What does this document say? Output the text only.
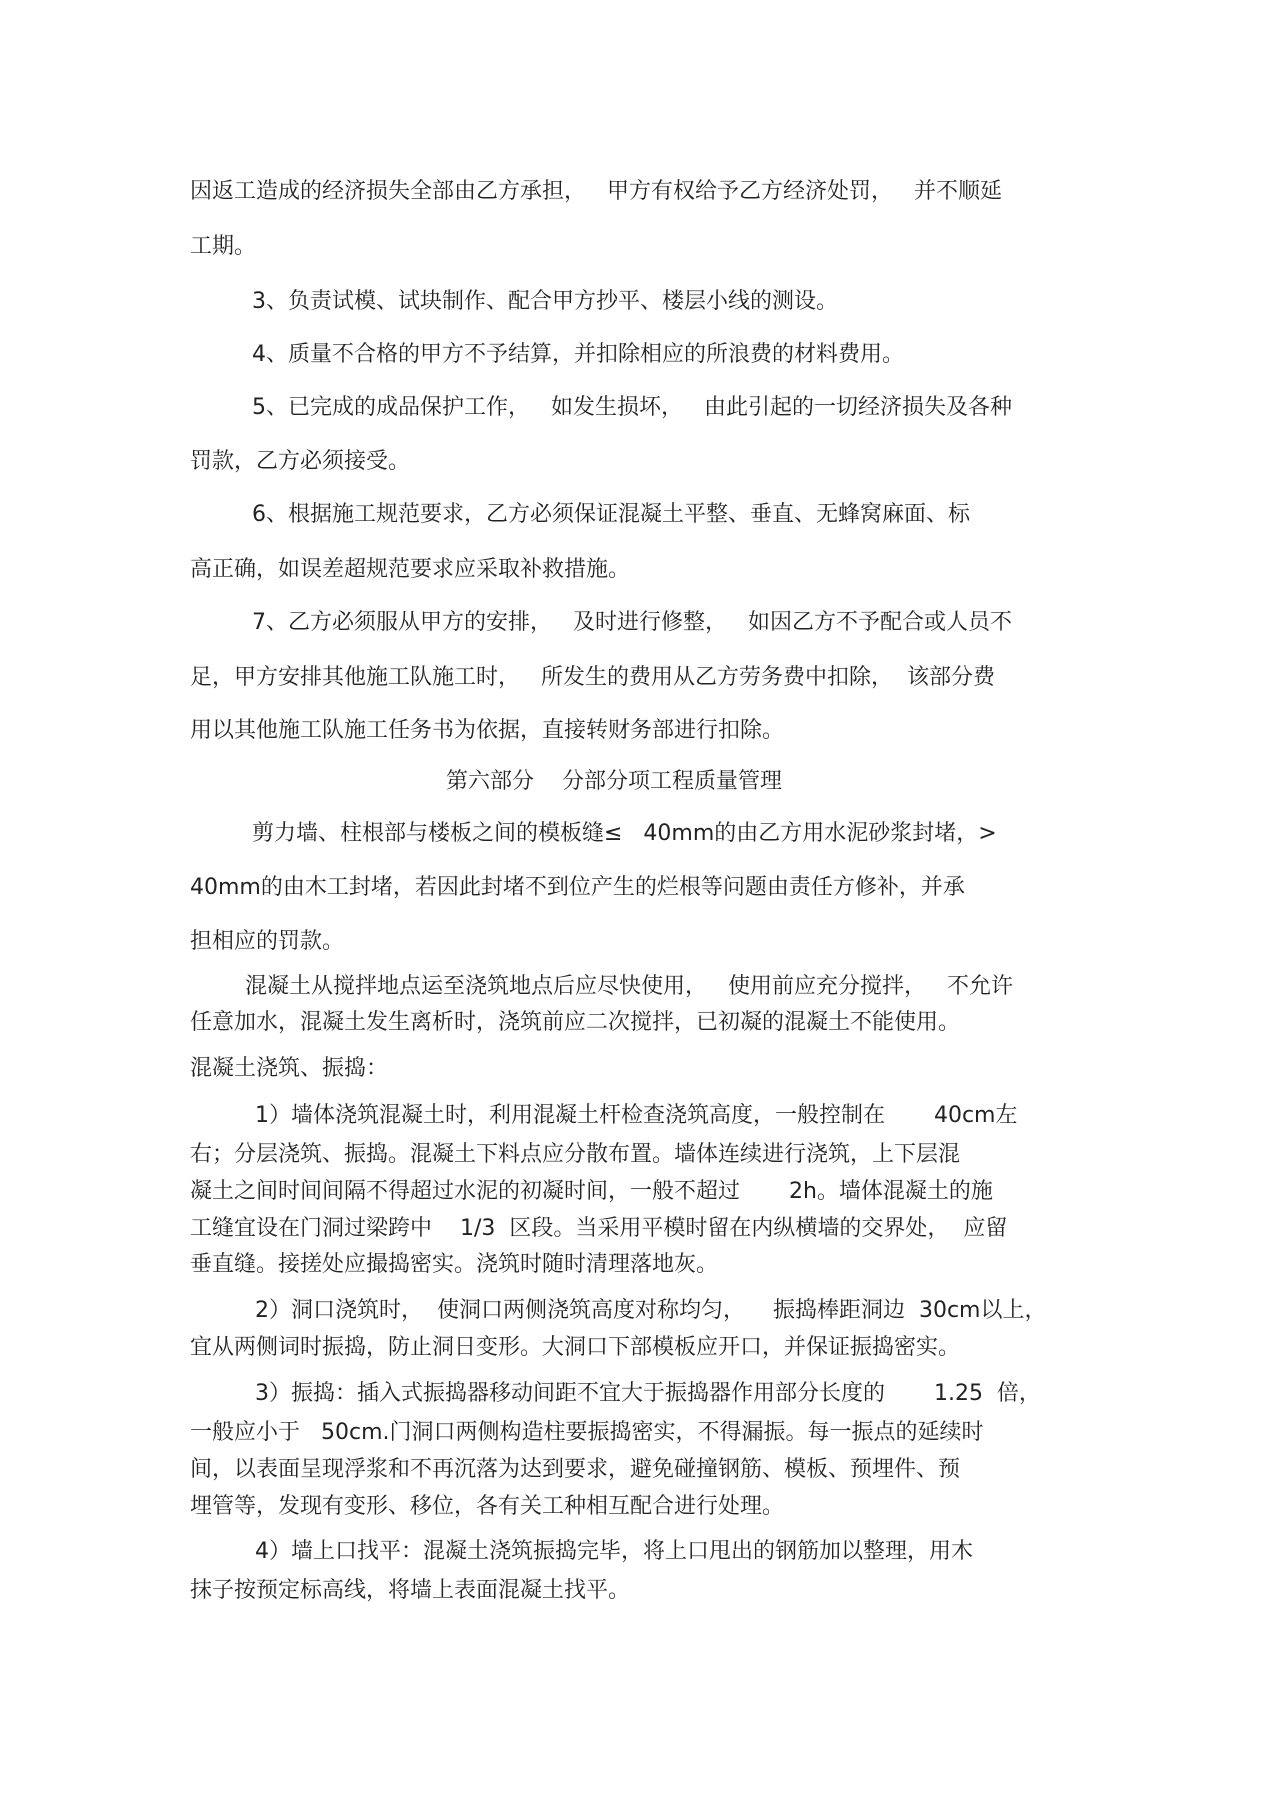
因返工造成的经济损失全部由乙方承担，   甲方有权给予乙方经济处罚，   并不顺延
工期。
3、负责试模、试块制作、配合甲方抄平、楼层小线的测设。
4、质量不合格的甲方不予结算，并扣除相应的所浪费的材料费用。
5、已完成的成品保护工作，   如发生损坏，   由此引起的一切经济损失及各种
罚款，乙方必须接受。
6、根据施工规范要求，乙方必须保证混凝土平整、垂直、无蜂窝麻面、标
高正确，如误差超规范要求应采取补救措施。
7、乙方必须服从甲方的安排，   及时进行修整，   如因乙方不予配合或人员不
足，甲方安排其他施工队施工时，   所发生的费用从乙方劳务费中扣除，  该部分费
用以其他施工队施工任务书为依据，直接转财务部进行扣除。
第六部分    分部分项工程质量管理
剪力墙、柱根部与楼板之间的模板缝≤   40mm的由乙方用水泥砂浆封堵，>
40mm的由木工封堵，若因此封堵不到位产生的烂根等问题由责任方修补，并承
担相应的罚款。
混凝土从搅拌地点运至浇筑地点后应尽快使用，   使用前应充分搅拌，   不允许
任意加水，混凝土发生离析时，浇筑前应二次搅拌，已初凝的混凝土不能使用。
混凝土浇筑、振捣：
1）墙体浇筑混凝土时，利用混凝土杆检查浇筑高度，一般控制在       40cm左
右；分层浇筑、振捣。混凝土下料点应分散布置。墙体连续进行浇筑，上下层混
凝土之间时间间隔不得超过水泥的初凝时间，一般不超过       2h。墙体混凝土的施
工缝宜设在门洞过梁跨中    1/3  区段。当采用平模时留在内纵横墙的交界处，  应留
垂直缝。接搓处应撮捣密实。浇筑时随时清理落地灰。
2）洞口浇筑时，  使洞口两侧浇筑高度对称均匀，    振捣棒距洞边  30cm以上，
宜从两侧词时振捣，防止洞日变形。大洞口下部模板应开口，并保证振捣密实。
3）振捣：插入式振捣器移动间距不宜大于振捣器作用部分长度的       1.25  倍，
一般应小于   50cm.门洞口两侧构造柱要振捣密实，不得漏振。每一振点的延续时
间，以表面呈现浮浆和不再沉落为达到要求，避免碰撞钢筋、模板、预埋件、预
埋管等，发现有变形、移位，各有关工种相互配合进行处理。
4）墙上口找平：混凝土浇筑振捣完毕，将上口甩出的钢筋加以整理，用木
抹子按预定标高线，将墙上表面混凝土找平。
